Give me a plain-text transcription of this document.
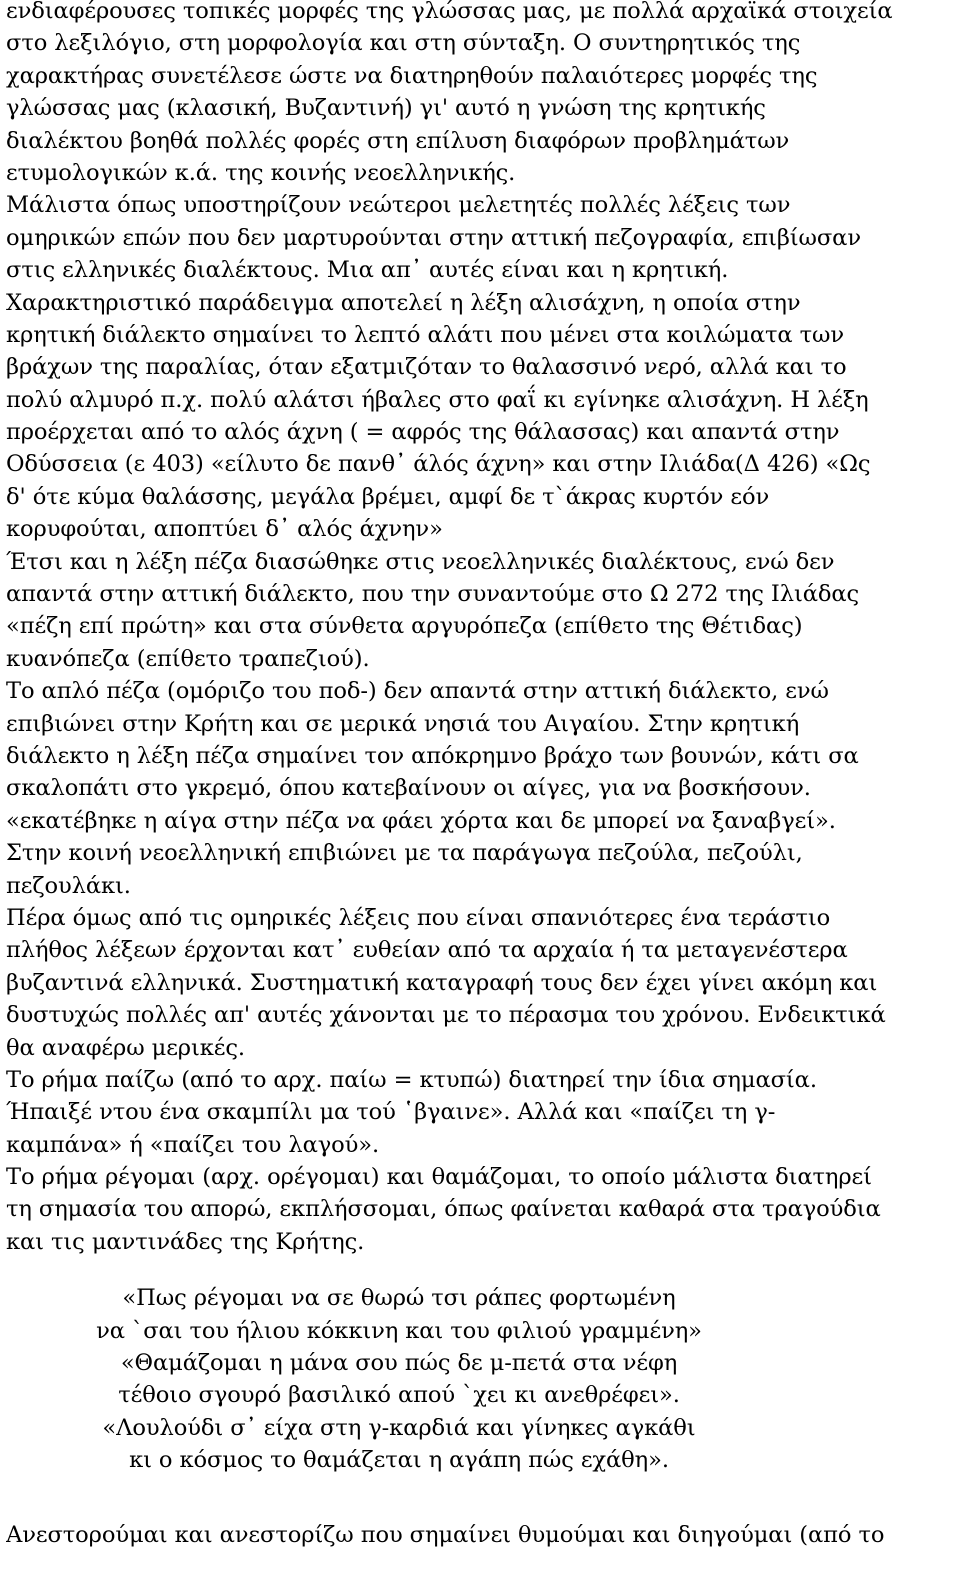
ενδιαφέρουσες τοπικές μορφές της γλώσσας μας, με πολλά αρχαϊκά στοιχεία
στο λεξιλόγιο, στη μορφολογία και στη σύνταξη. Ο συντηρητικός της
χαρακτήρας συνετέλεσε ώστε να διατηρηθούν παλαιότερες μορφές της
γλώσσας μας (κλασική, Βυζαντινή) γι' αυτό η γνώση της κρητικής
διαλέκτου βοηθά πολλές φορές στη επίλυση διαφόρων προβλημάτων
ετυμολογικών κ.ά. της κοινής νεοελληνικής.
Μάλιστα όπως υποστηρίζουν νεώτεροι μελετητές πολλές λέξεις των
ομηρικών επών που δεν μαρτυρούνται στην αττική πεζογραφία, επιβίωσαν
στις ελληνικές διαλέκτους. Μια απ᾽ αυτές είναι και η κρητική.
Χαρακτηριστικό παράδειγμα αποτελεί η λέξη αλισάχνη, η οποία στην
κρητική διάλεκτο σημαίνει το λεπτό αλάτι που μένει στα κοιλώματα των
βράχων της παραλίας, όταν εξατμιζόταν το θαλασσινό νερό, αλλά και το
πολύ αλμυρό π.χ. πολύ αλάτσι ήβαλες στο φαΐ κι εγίνηκε αλισάχνη. Η λέξη
προέρχεται από το αλός άχνη ( = αφρός της θάλασσας) και απαντά στην
Οδύσσεια (ε 403) «είλυτο δε πανθ᾽ άλός άχνη» και στην Ιλιάδα(Δ 426) «Ως
δ' ότε κύμα θαλάσσης, μεγάλα βρέμει, αμφί δε τ`άκρας κυρτόν εόν
κορυφούται, αποπτύει δ᾽ αλός άχνην»
Έτσι και η λέξη πέζα διασώθηκε στις νεοελληνικές διαλέκτους, ενώ δεν
απαντά στην αττική διάλεκτο, που την συναντούμε στο Ω 272 της Ιλιάδας
«πέζη επί πρώτη» και στα σύνθετα αργυρόπεζα (επίθετο της Θέτιδας)
κυανόπεζα (επίθετο τραπεζιού).
Το απλό πέζα (ομόριζο του ποδ-) δεν απαντά στην αττική διάλεκτο, ενώ
επιβιώνει στην Κρήτη και σε μερικά νησιά του Αιγαίου. Στην κρητική
διάλεκτο η λέξη πέζα σημαίνει τον απόκρημνο βράχο των βουνών, κάτι σα
σκαλοπάτι στο γκρεμό, όπου κατεβαίνουν οι αίγες, για να βοσκήσουν.
«εκατέβηκε η αίγα στην πέζα να φάει χόρτα και δε μπορεί να ξαναβγεί».
Στην κοινή νεοελληνική επιβιώνει με τα παράγωγα πεζούλα, πεζούλι,
πεζουλάκι.
Πέρα όμως από τις ομηρικές λέξεις που είναι σπανιότερες ένα τεράστιο
πλήθος λέξεων έρχονται κατ᾽ ευθείαν από τα αρχαία ή τα μεταγενέστερα
βυζαντινά ελληνικά. Συστηματική καταγραφή τους δεν έχει γίνει ακόμη και
δυστυχώς πολλές απ' αυτές χάνονται με το πέρασμα του χρόνου. Ενδεικτικά
θα αναφέρω μερικές.
Το ρήμα παίζω (από το αρχ. παίω = κτυπώ) διατηρεί την ίδια σημασία.
Ήπαιξέ ντου ένα σκαμπίλι μα τού ῾βγαινε». Αλλά και «παίζει τη γ-
καμπάνα» ή «παίζει του λαγού».
Το ρήμα ρέγομαι (αρχ. ορέγομαι) και θαμάζομαι, το οποίο μάλιστα διατηρεί
τη σημασία του απορώ, εκπλήσσομαι, όπως φαίνεται καθαρά στα τραγούδια
και τις μαντινάδες της Κρήτης.
«Πως ρέγομαι να σε θωρώ τσι ράπες φορτωμένη
να `σαι του ήλιου κόκκινη και του φιλιού γραμμένη»
«Θαμάζομαι η μάνα σου πώς δε μ-πετά στα νέφη
τέθοιο σγουρό βασιλικό απού `χει κι ανεθρέφει».
«Λουλούδι σ᾽ είχα στη γ-καρδιά και γίνηκες αγκάθι
κι ο κόσμος το θαμάζεται η αγάπη πώς εχάθη».
Ανεστορούμαι και ανεστορίζω που σημαίνει θυμούμαι και διηγούμαι (από το
